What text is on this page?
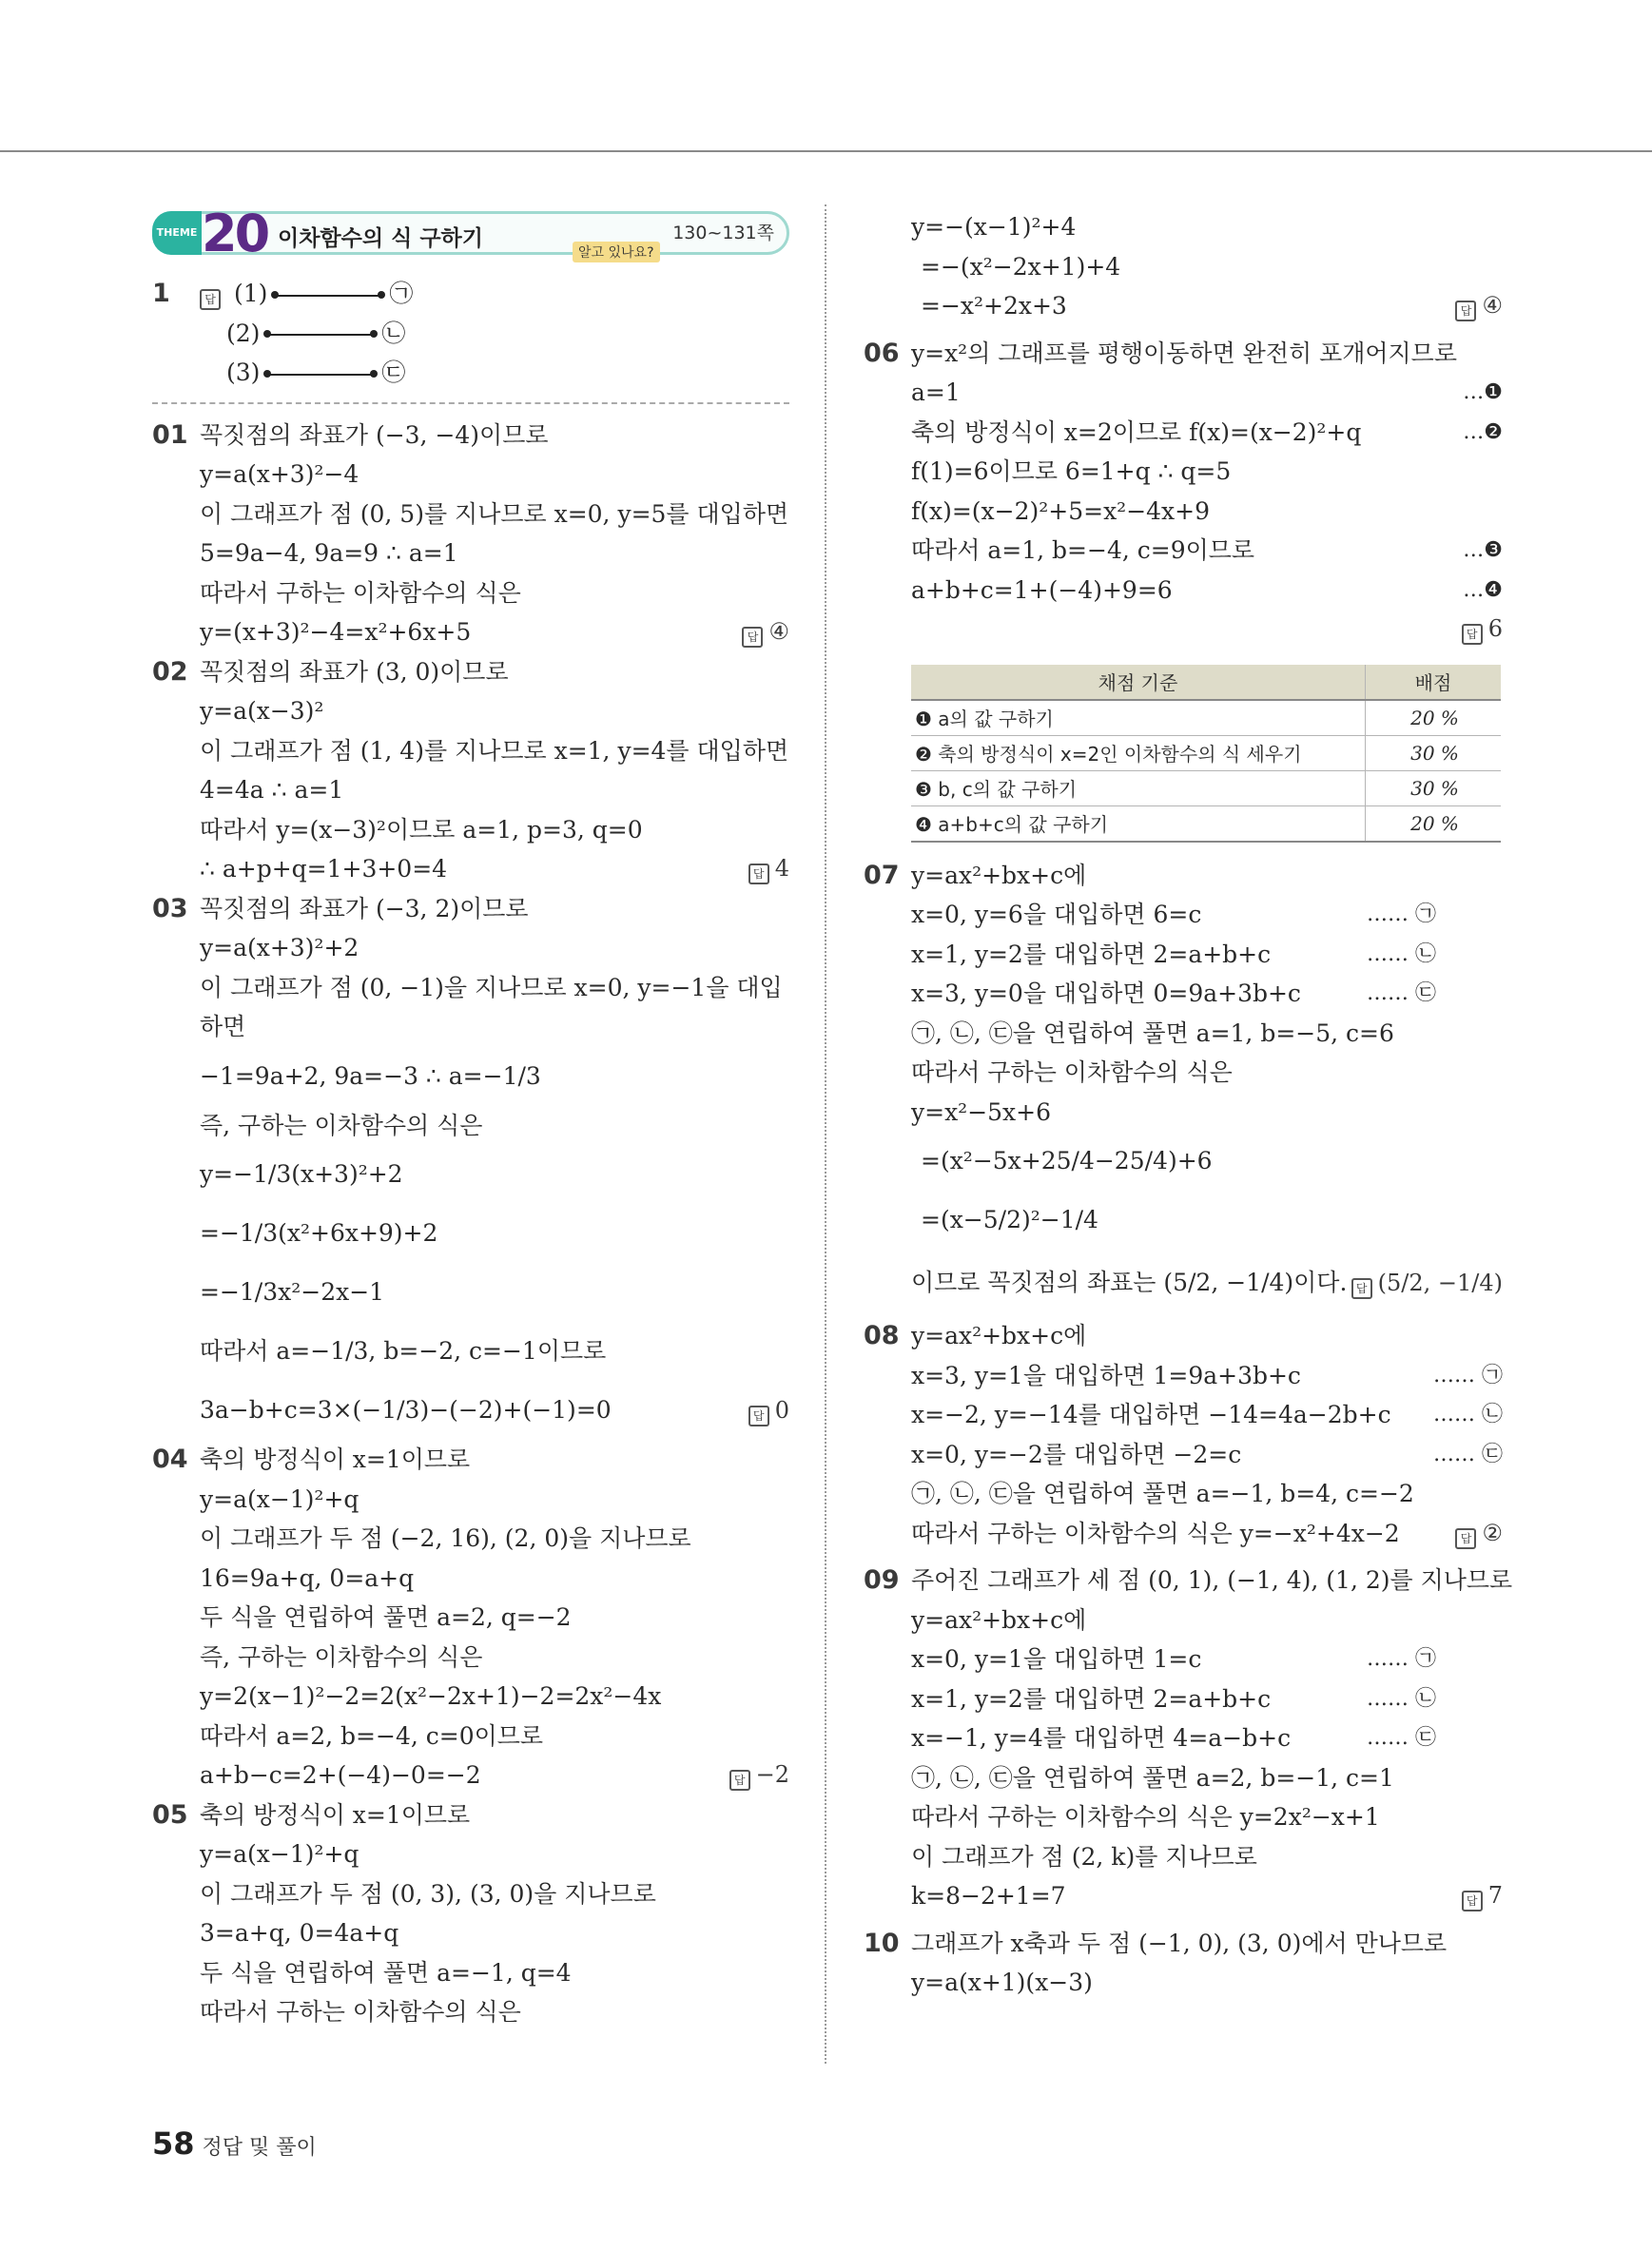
THEME 20 이차함수의 식 구하기	130~131쪽
알고 있나요?
1	답 (1)	㉠
(2)	㉡
(3)	㉢
01 꼭짓점의 좌표가 (−3, −4)이므로
y=a(x+3)²−4
이 그래프가 점 (0, 5)를 지나므로 x=0, y=5를 대입하면
5=9a−4, 9a=9 ∴ a=1
따라서 구하는 이차함수의 식은
y=(x+3)²−4=x²+6x+5	답 ④
02 꼭짓점의 좌표가 (3, 0)이므로
y=a(x−3)²
이 그래프가 점 (1, 4)를 지나므로 x=1, y=4를 대입하면
4=4a ∴ a=1
따라서 y=(x−3)²이므로 a=1, p=3, q=0
∴ a+p+q=1+3+0=4	답 4
03 꼭짓점의 좌표가 (−3, 2)이므로
y=a(x+3)²+2
이 그래프가 점 (0, −1)을 지나므로 x=0, y=−1을 대입
하면
−1=9a+2, 9a=−3 ∴ a=−1/3
즉, 구하는 이차함수의 식은
y=−1/3(x+3)²+2
=−1/3(x²+6x+9)+2
=−1/3x²−2x−1
따라서 a=−1/3, b=−2, c=−1이므로
3a−b+c=3×(−1/3)−(−2)+(−1)=0	답 0
04 축의 방정식이 x=1이므로
y=a(x−1)²+q
이 그래프가 두 점 (−2, 16), (2, 0)을 지나므로
16=9a+q, 0=a+q
두 식을 연립하여 풀면 a=2, q=−2
즉, 구하는 이차함수의 식은
y=2(x−1)²−2=2(x²−2x+1)−2=2x²−4x
따라서 a=2, b=−4, c=0이므로
a+b−c=2+(−4)−0=−2	답 −2
05 축의 방정식이 x=1이므로
y=a(x−1)²+q
이 그래프가 두 점 (0, 3), (3, 0)을 지나므로
3=a+q, 0=4a+q
두 식을 연립하여 풀면 a=−1, q=4
따라서 구하는 이차함수의 식은
y=−(x−1)²+4
=−(x²−2x+1)+4
=−x²+2x+3	답 ④
06 y=x²의 그래프를 평행이동하면 완전히 포개어지므로
a=1	…❶
축의 방정식이 x=2이므로 f(x)=(x−2)²+q	…❷
f(1)=6이므로 6=1+q ∴ q=5
f(x)=(x−2)²+5=x²−4x+9
따라서 a=1, b=−4, c=9이므로	…❸
a+b+c=1+(−4)+9=6	…❹
답 6
채점 기준	배점
❶ a의 값 구하기	20 %
❷ 축의 방정식이 x=2인 이차함수의 식 세우기	30 %
❸ b, c의 값 구하기	30 %
❹ a+b+c의 값 구하기	20 %
07 y=ax²+bx+c에
x=0, y=6을 대입하면 6=c	…… ㉠
x=1, y=2를 대입하면 2=a+b+c	…… ㉡
x=3, y=0을 대입하면 0=9a+3b+c	…… ㉢
㉠, ㉡, ㉢을 연립하여 풀면 a=1, b=−5, c=6
따라서 구하는 이차함수의 식은
y=x²−5x+6
=(x²−5x+25/4−25/4)+6
=(x−5/2)²−1/4
이므로 꼭짓점의 좌표는 (5/2, −1/4)이다. 답 (5/2, −1/4)
08 y=ax²+bx+c에
x=3, y=1을 대입하면 1=9a+3b+c	…… ㉠
x=−2, y=−14를 대입하면 −14=4a−2b+c …… ㉡
x=0, y=−2를 대입하면 −2=c	…… ㉢
㉠, ㉡, ㉢을 연립하여 풀면 a=−1, b=4, c=−2
따라서 구하는 이차함수의 식은 y=−x²+4x−2	답 ②
09 주어진 그래프가 세 점 (0, 1), (−1, 4), (1, 2)를 지나므로
y=ax²+bx+c에
x=0, y=1을 대입하면 1=c	…… ㉠
x=1, y=2를 대입하면 2=a+b+c	…… ㉡
x=−1, y=4를 대입하면 4=a−b+c	…… ㉢
㉠, ㉡, ㉢을 연립하여 풀면 a=2, b=−1, c=1
따라서 구하는 이차함수의 식은 y=2x²−x+1
이 그래프가 점 (2, k)를 지나므로
k=8−2+1=7	답 7
10 그래프가 x축과 두 점 (−1, 0), (3, 0)에서 만나므로
y=a(x+1)(x−3)
58 정답 및 풀이
